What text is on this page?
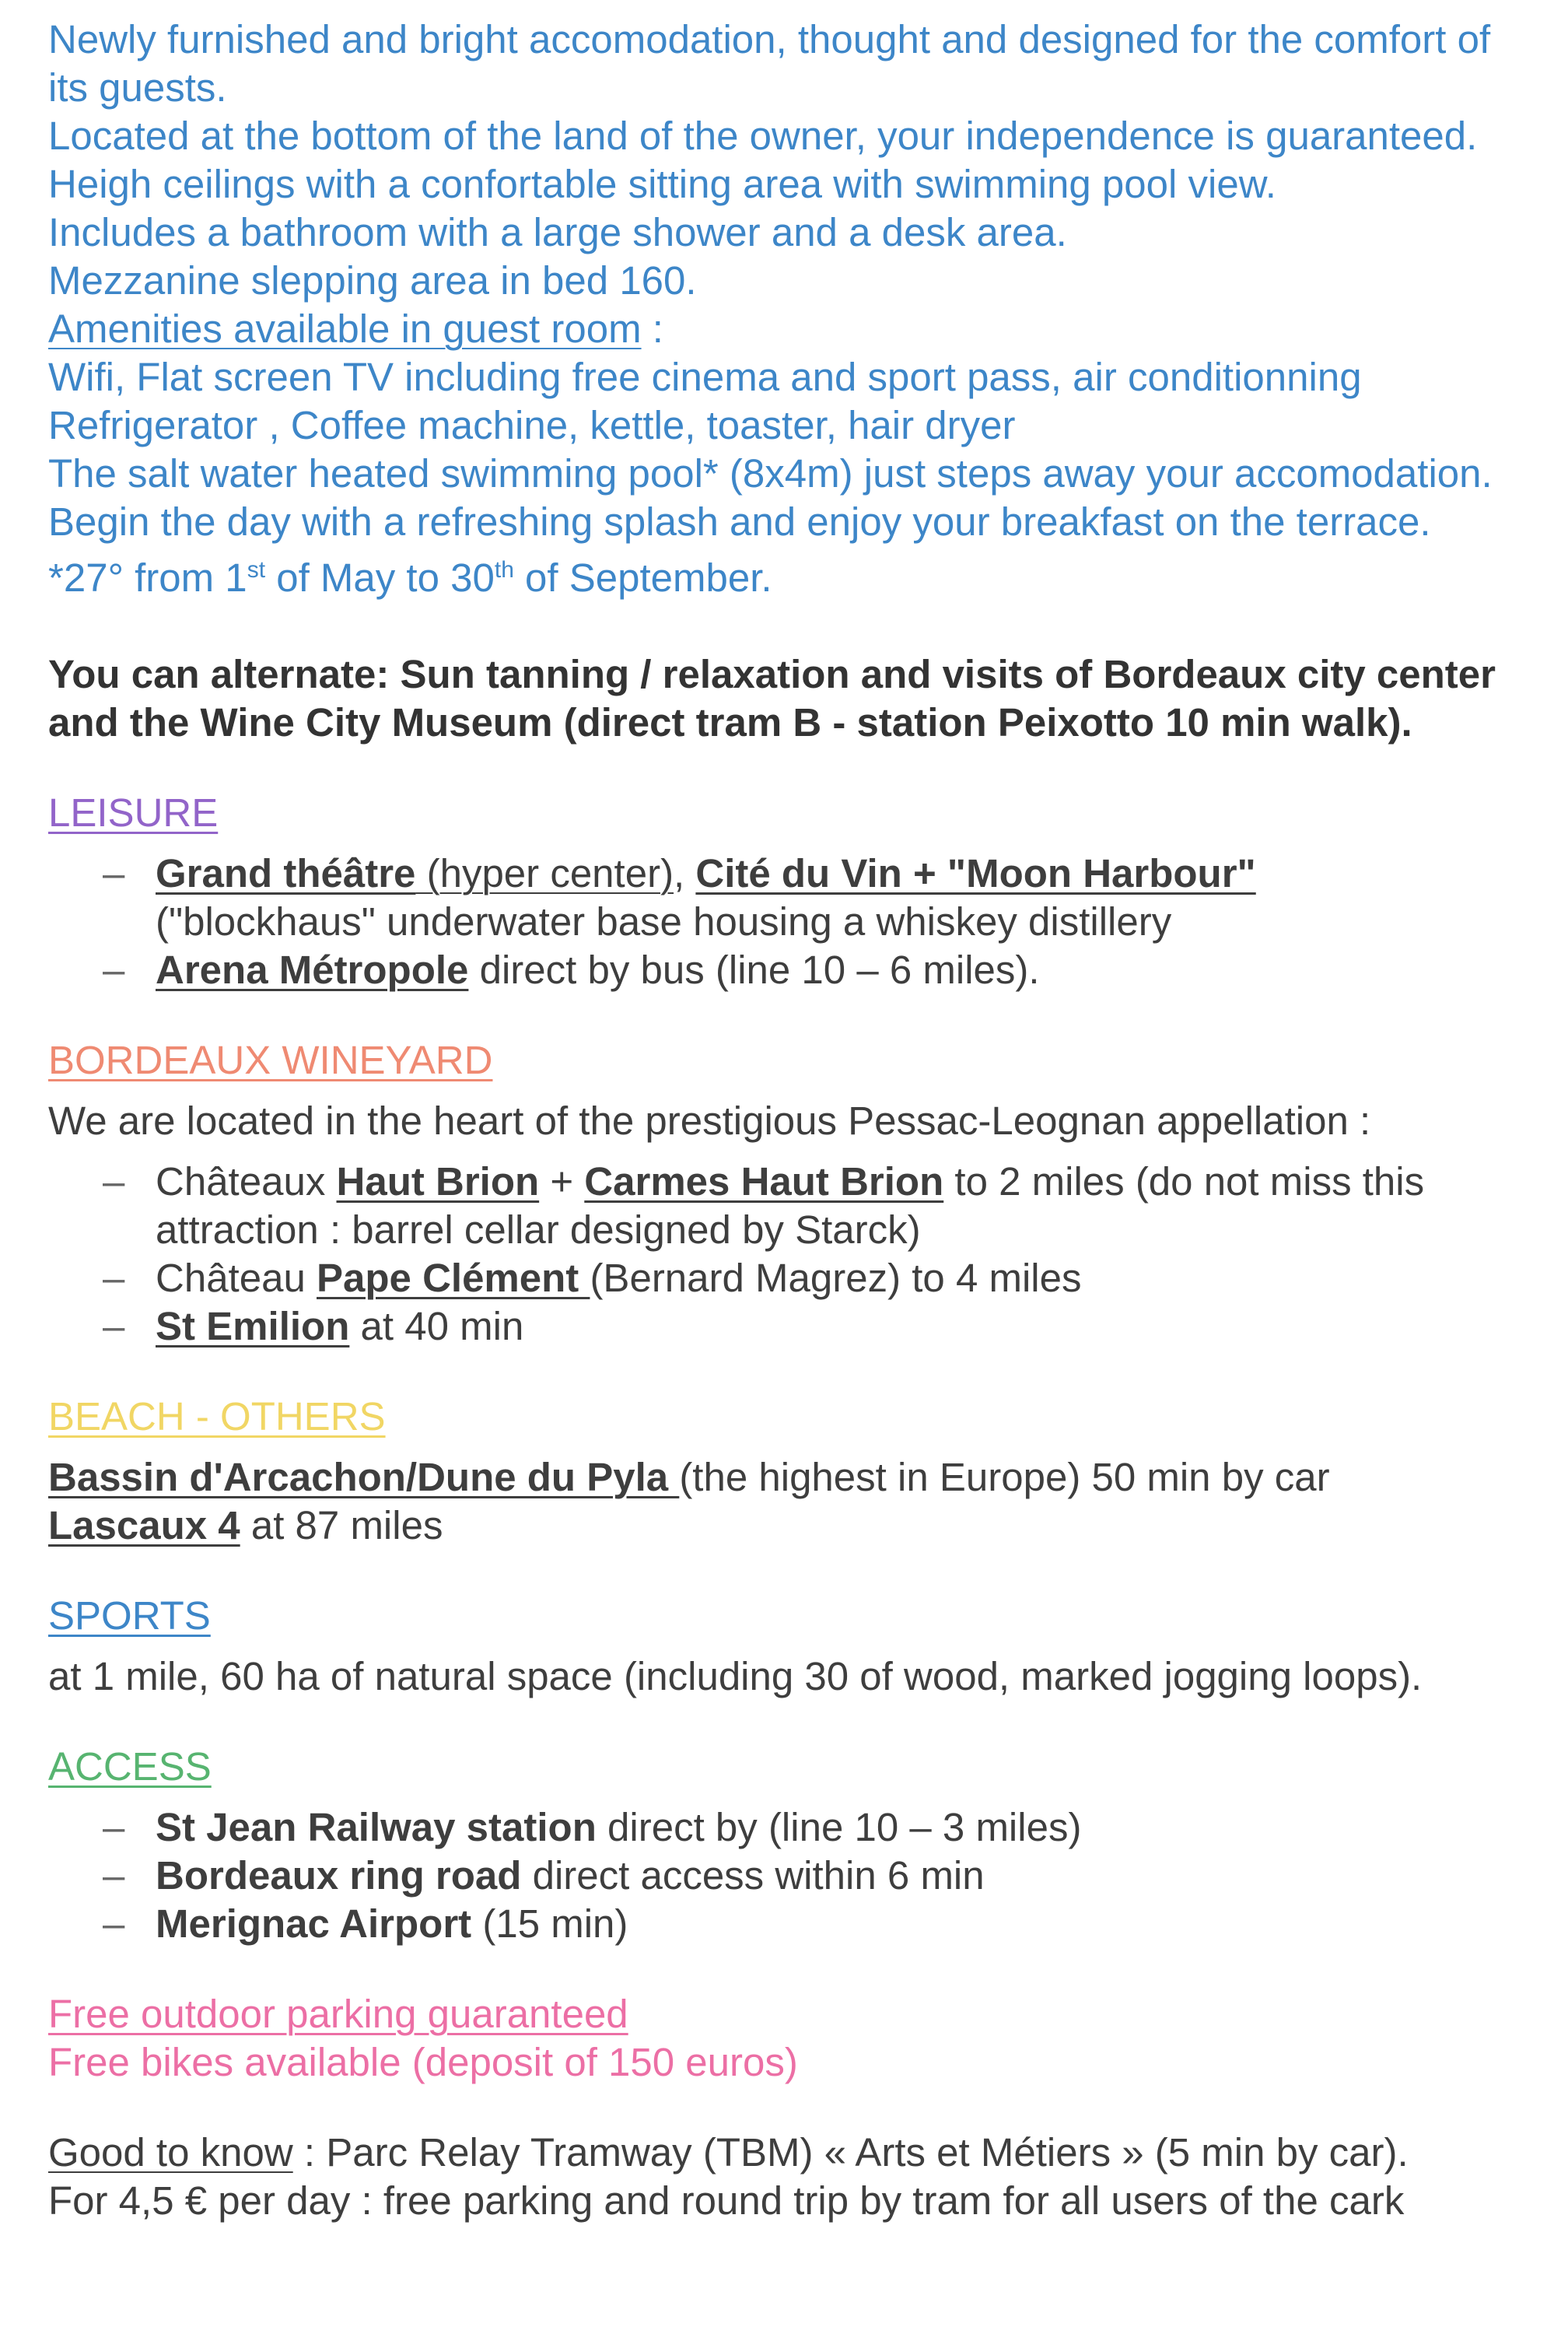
Newly furnished and bright accomodation, thought and designed for the comfort of its guests.

Located at the bottom of the land of the owner, your independence is guaranteed.

Heigh ceilings with a confortable sitting area with swimming pool view.

Includes a bathroom with a large shower and a desk area.

Mezzanine slepping area in bed 160.

Amenities available in guest room :

Wifi, Flat screen TV including free cinema and sport pass, air conditionning

Refrigerator , Coffee machine, kettle, toaster, hair dryer

The salt water heated swimming pool* (8x4m) just steps away your accomodation. Begin the day with a refreshing splash and enjoy your breakfast on the terrace. *27° from 1st of May to 30th of September.

You can alternate: Sun tanning / relaxation and visits of Bordeaux city center and the Wine City Museum (direct tram B - station Peixotto 10 min walk).

LEISURE
– Grand théâtre (hyper center), Cité du Vin + "Moon Harbour"
("blockhaus" underwater base housing a whiskey distillery
– Arena Métropole direct by bus (line 10 – 6 miles).
BORDEAUX WINEYARD

We are located in the heart of the prestigious Pessac-Leognan appellation :

– Châteaux Haut Brion + Carmes Haut Brion to 2 miles (do not miss this attraction : barrel cellar designed by Starck)
– Château Pape Clément (Bernard Magrez) to 4 miles
– St Emilion at 40 min
BEACH - OTHERS

Bassin d'Arcachon/Dune du Pyla (the highest in Europe) 50 min by car

Lascaux 4 at 87 miles

SPORTS

at 1 mile, 60 ha of natural space (including 30 of wood, marked jogging loops).

ACCESS
– St Jean Railway station direct by (line 10 – 3 miles)
– Bordeaux ring road direct access within 6 min
– Merignac Airport (15 min)

Free outdoor parking guaranteed

Free bikes available (deposit of 150 euros)

Good to know : Parc Relay Tramway (TBM) « Arts et Métiers » (5 min by car).

For 4,5 € per day : free parking and round trip by tram for all users of the cark
